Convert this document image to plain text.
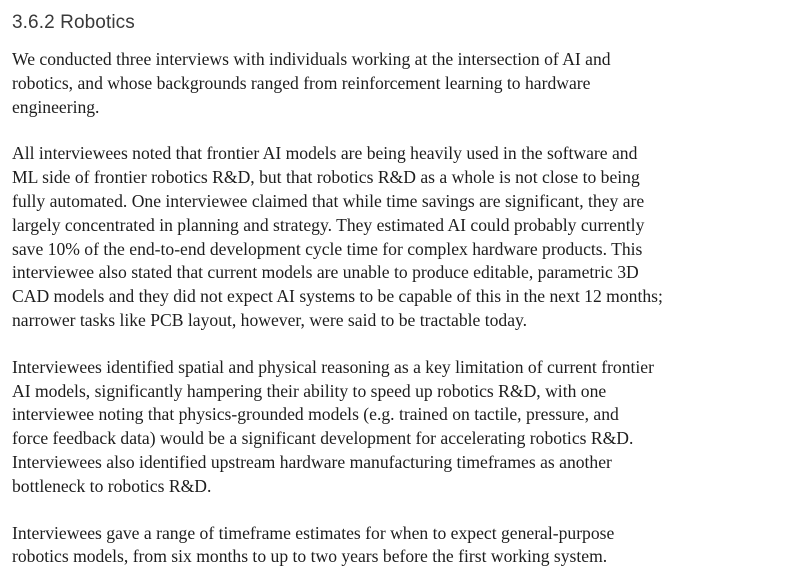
3.6.2 Robotics

We conducted three interviews with individuals working at the intersection of AI and
robotics, and whose backgrounds ranged from reinforcement learning to hardware
engineering.

All interviewees noted that frontier AI models are being heavily used in the software and
ML side of frontier robotics R&D, but that robotics R&D as a whole is not close to being
fully automated. One interviewee claimed that while time savings are significant, they are
largely concentrated in planning and strategy. They estimated AI could probably currently
save 10% of the end-to-end development cycle time for complex hardware products. This
interviewee also stated that current models are unable to produce editable, parametric 3D
CAD models and they did not expect AI systems to be capable of this in the next 12 months;
narrower tasks like PCB layout, however, were said to be tractable today.

Interviewees identified spatial and physical reasoning as a key limitation of current frontier
AI models, significantly hampering their ability to speed up robotics R&D, with one
interviewee noting that physics-grounded models (e.g. trained on tactile, pressure, and
force feedback data) would be a significant development for accelerating robotics R&D.
Interviewees also identified upstream hardware manufacturing timeframes as another
bottleneck to robotics R&D.

Interviewees gave a range of timeframe estimates for when to expect general-purpose
robotics models, from six months to up to two years before the first working system.
